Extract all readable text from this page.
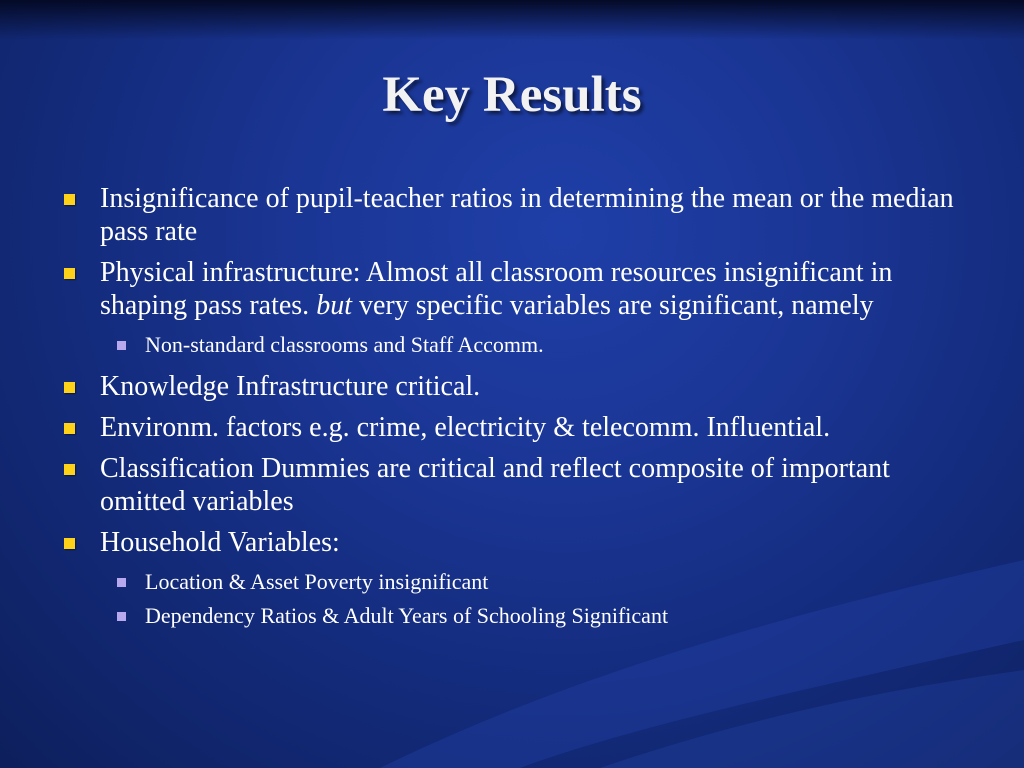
Key Results
Insignificance of pupil-teacher ratios in determining the mean or the median pass rate
Physical infrastructure: Almost all classroom resources insignificant in shaping pass rates. but very specific variables are significant, namely
Non-standard classrooms and Staff Accomm.
Knowledge Infrastructure critical.
Environm. factors e.g. crime, electricity & telecomm. Influential.
Classification Dummies are critical and reflect composite of important omitted variables
Household Variables:
Location & Asset Poverty insignificant
Dependency Ratios & Adult Years of Schooling Significant
